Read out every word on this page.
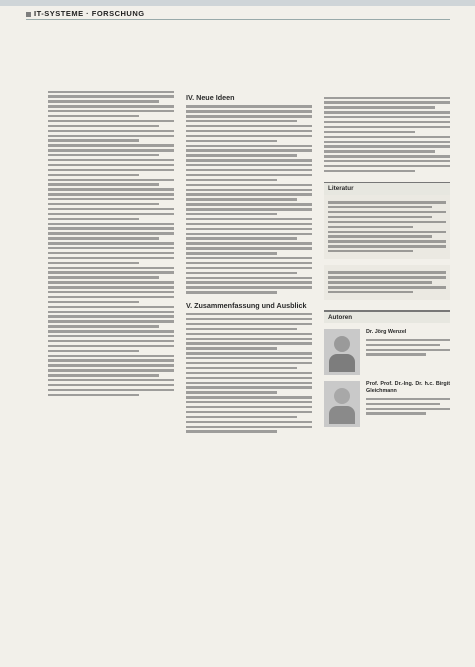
IT-SYSTEME · FORSCHUNG
IV. Neue Ideen
V. Zusammenfassung und Ausblick
Literatur
Autoren
Dr. Jörg Wenzel
Prof. Prof. Dr.-Ing. Dr. h.c. Birgit Gleichmann
